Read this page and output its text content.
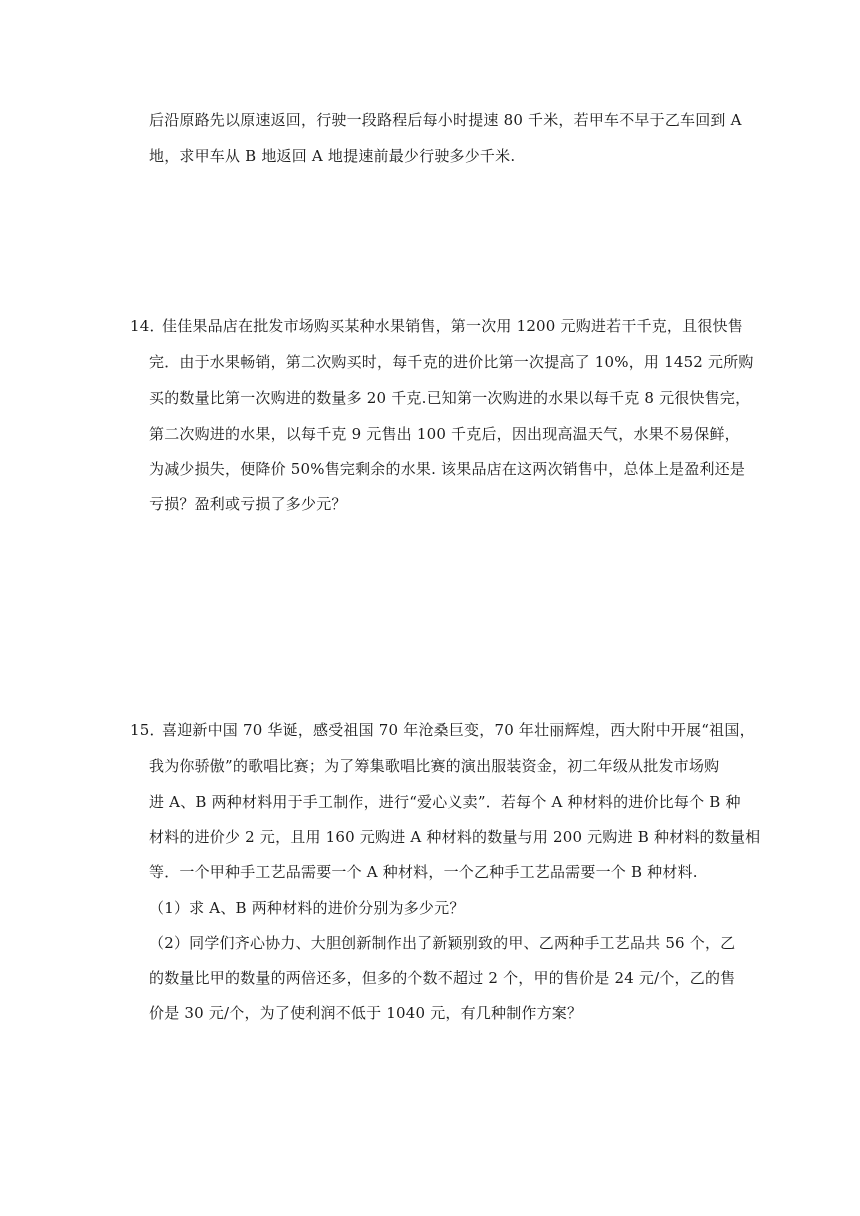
后沿原路先以原速返回，行驶一段路程后每小时提速 80 千米，若甲车不早于乙车回到 A
地，求甲车从 B 地返回 A 地提速前最少行驶多少千米.
14．
佳佳果品店在批发市场购买某种水果销售，第一次用 1200 元购进若干千克，且很快售
完．由于水果畅销，第二次购买时，每千克的进价比第一次提高了 10%，用 1452 元所购
买的数量比第一次购进的数量多 20 千克.已知第一次购进的水果以每千克 8 元很快售完，
第二次购进的水果，以每千克 9 元售出 100 千克后，因出现高温天气，水果不易保鲜，
为减少损失，便降价 50%售完剩余的水果. 该果品店在这两次销售中，总体上是盈利还是
亏损？盈利或亏损了多少元？
15．
喜迎新中国 70 华诞，感受祖国 70 年沧桑巨变，70 年壮丽辉煌，西大附中开展“祖国，
我为你骄傲”的歌唱比赛；为了筹集歌唱比赛的演出服装资金，初二年级从批发市场购
进 A、B 两种材料用于手工制作，进行“爱心义卖”．若每个 A 种材料的进价比每个 B 种
材料的进价少 2 元，且用 160 元购进 A 种材料的数量与用 200 元购进 B 种材料的数量相
等．一个甲种手工艺品需要一个 A 种材料，一个乙种手工艺品需要一个 B 种材料.
（1）求 A、B 两种材料的进价分别为多少元？
（2）同学们齐心协力、大胆创新制作出了新颖别致的甲、乙两种手工艺品共 56 个，乙
的数量比甲的数量的两倍还多，但多的个数不超过 2 个，甲的售价是 24 元/个，乙的售
价是 30 元/个，为了使利润不低于 1040 元，有几种制作方案？
